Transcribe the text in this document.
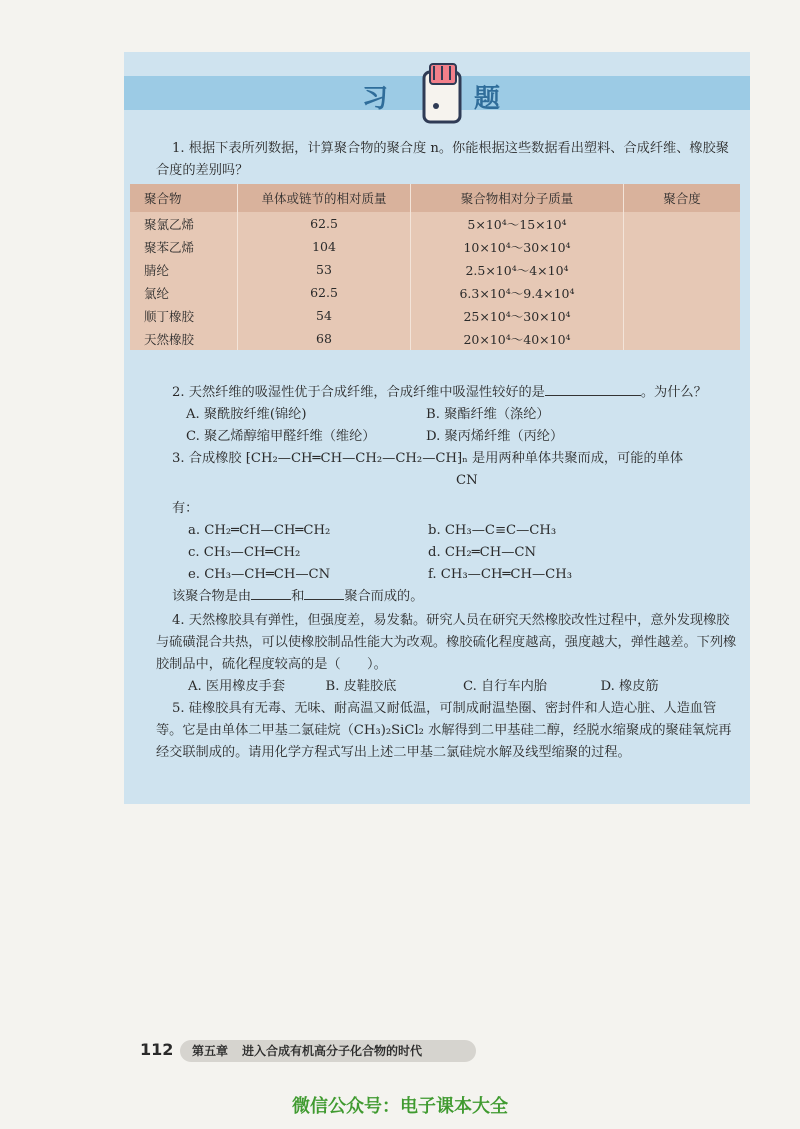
习	题

1. 根据下表所列数据，计算聚合物的聚合度 n。你能根据这些数据看出塑料、合成纤维、橡胶聚合度的差别吗？

聚合物	单体或链节的相对质量	聚合物相对分子质量	聚合度
聚氯乙烯	62.5	5×10⁴～15×10⁴	
聚苯乙烯	104	10×10⁴～30×10⁴	
腈纶	53	2.5×10⁴～4×10⁴	
氯纶	62.5	6.3×10⁴～9.4×10⁴	
顺丁橡胶	54	25×10⁴～30×10⁴	
天然橡胶	68	20×10⁴～40×10⁴	

2. 天然纤维的吸湿性优于合成纤维，合成纤维中吸湿性较好的是	。为什么？

A. 聚酰胺纤维(锦纶)	B. 聚酯纤维（涤纶）
C. 聚乙烯醇缩甲醛纤维（维纶）	D. 聚丙烯纤维（丙纶）

3. 合成橡胶 ⁅CH₂—CH═CH—CH₂—CH₂—CH⁆ₙ 是用两种单体共聚而成，可能的单体

CN

有：

a. CH₂═CH—CH═CH₂	b. CH₃—C≡C—CH₃
c. CH₃—CH═CH₂	d. CH₂═CH—CN
e. CH₃—CH═CH—CN	f. CH₃—CH═CH—CH₃

该聚合物是由	和	聚合而成的。

4. 天然橡胶具有弹性，但强度差，易发黏。研究人员在研究天然橡胶改性过程中，意外发现橡胶与硫磺混合共热，可以使橡胶制品性能大为改观。橡胶硫化程度越高，强度越大，弹性越差。下列橡胶制品中，硫化程度较高的是（　　）。

A. 医用橡皮手套	B. 皮鞋胶底	C. 自行车内胎	D. 橡皮筋

5. 硅橡胶具有无毒、无味、耐高温又耐低温，可制成耐温垫圈、密封件和人造心脏、人造血管等。它是由单体二甲基二氯硅烷（CH₃)₂SiCl₂ 水解得到二甲基硅二醇，经脱水缩聚成的聚硅氧烷再经交联制成的。请用化学方程式写出上述二甲基二氯硅烷水解及线型缩聚的过程。

112	第五章 进入合成有机高分子化合物的时代
微信公众号：电子课本大全
